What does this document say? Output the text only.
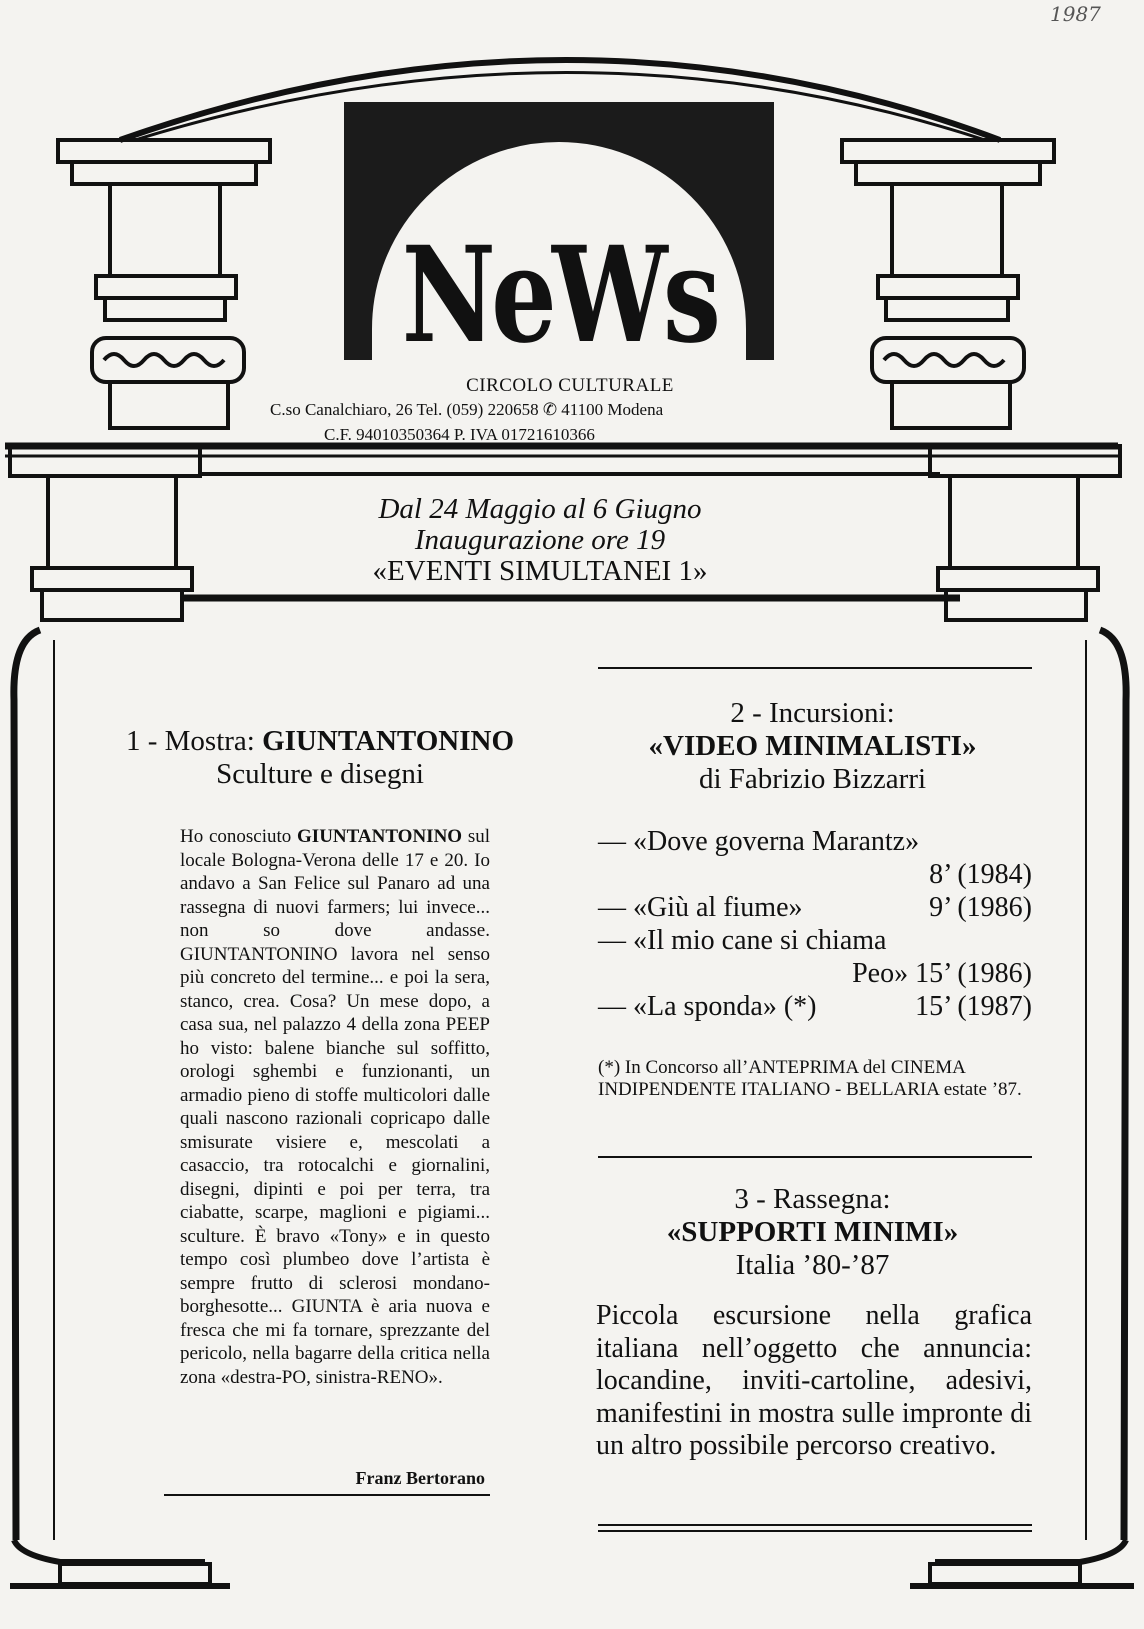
1987
NeWs
CIRCOLO CULTURALE
C.so Canalchiaro, 26 Tel. (059) 220658 ✆ 41100 Modena
C.F. 94010350364 P. IVA 01721610366
Dal 24 Maggio al 6 Giugno
Inaugurazione ore 19
«EVENTI SIMULTANEI 1»
1 - Mostra: GIUNTANTONINO
Sculture e disegni
Ho conosciuto GIUNTANTONINO sul locale Bologna-Verona delle 17 e 20. Io andavo a San Felice sul Panaro ad una rassegna di nuovi farmers; lui invece... non so dove andasse. GIUNTANTONINO lavora nel senso più concreto del termine... e poi la sera, stanco, crea. Cosa? Un mese dopo, a casa sua, nel palazzo 4 della zona PEEP ho visto: balene bianche sul soffitto, orologi sghembi e funzionanti, un armadio pieno di stoffe multicolori dalle quali nascono razionali copricapo dalle smisurate visiere e, mescolati a casaccio, tra rotocalchi e giornalini, disegni, dipinti e poi per terra, tra ciabatte, scarpe, maglioni e pigiami... sculture. È bravo «Tony» e in questo tempo così plumbeo dove l’artista è sempre frutto di sclerosi mondano-borghesotte... GIUNTA è aria nuova e fresca che mi fa tornare, sprezzante del pericolo, nella bagarre della critica nella zona «destra-PO, sinistra-RENO».
Franz Bertorano
2 - Incursioni:
«VIDEO MINIMALISTI»
di Fabrizio Bizzarri
— «Dove governa Marantz»
8’ (1984)
— «Giù al fiume»	9’ (1986)
— «Il mio cane si chiama
Peo» 15’ (1986)
— «La sponda» (*)	15’ (1987)
(*) In Concorso all’ANTEPRIMA del CINEMA INDIPENDENTE ITALIANO - BELLARIA estate ’87.
3 - Rassegna:
«SUPPORTI MINIMI»
Italia ’80-’87
Piccola escursione nella grafica italiana nell’oggetto che annuncia: locandine, inviti-cartoline, adesivi, manifestini in mostra sulle impronte di un altro possibile percorso creativo.
